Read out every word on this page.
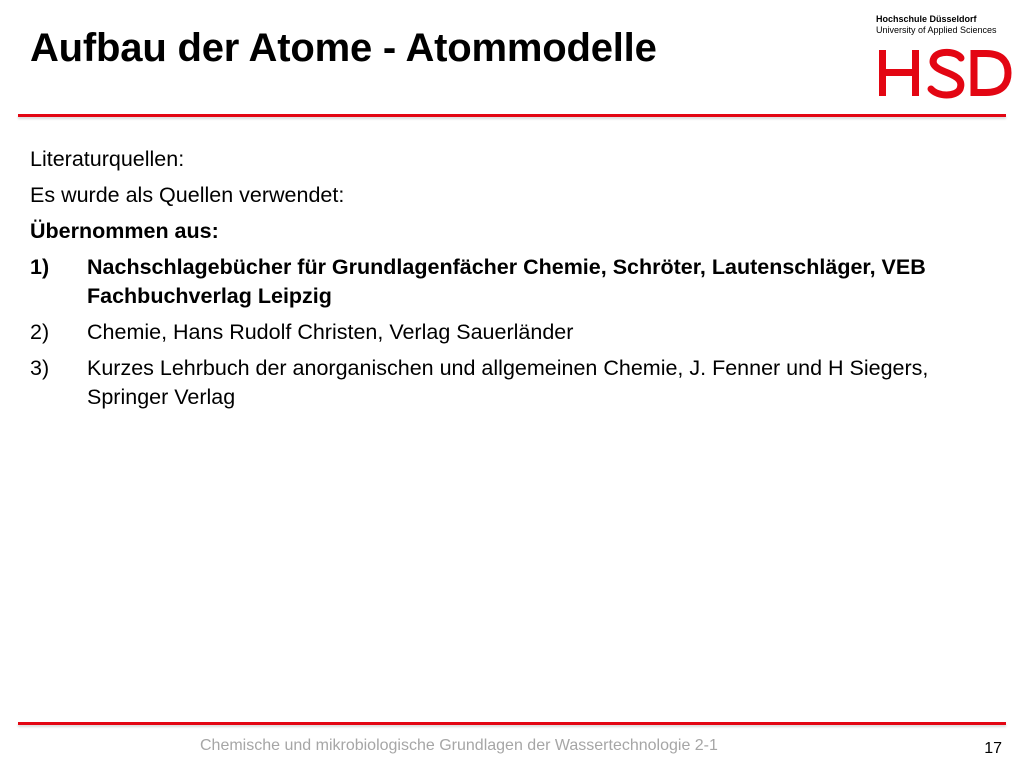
Aufbau der Atome - Atommodelle
Hochschule Düsseldorf
University of Applied Sciences

Literaturquellen:

Es wurde als Quellen verwendet:

Übernommen aus:

1) Nachschlagebücher für Grundlagenfächer Chemie, Schröter, Lautenschläger, VEB Fachbuchverlag Leipzig
2) Chemie, Hans Rudolf Christen, Verlag Sauerländer
3) Kurzes Lehrbuch der anorganischen und allgemeinen Chemie, J. Fenner und H Siegers, Springer Verlag
Chemische und mikrobiologische Grundlagen der Wassertechnologie 2-1	17
